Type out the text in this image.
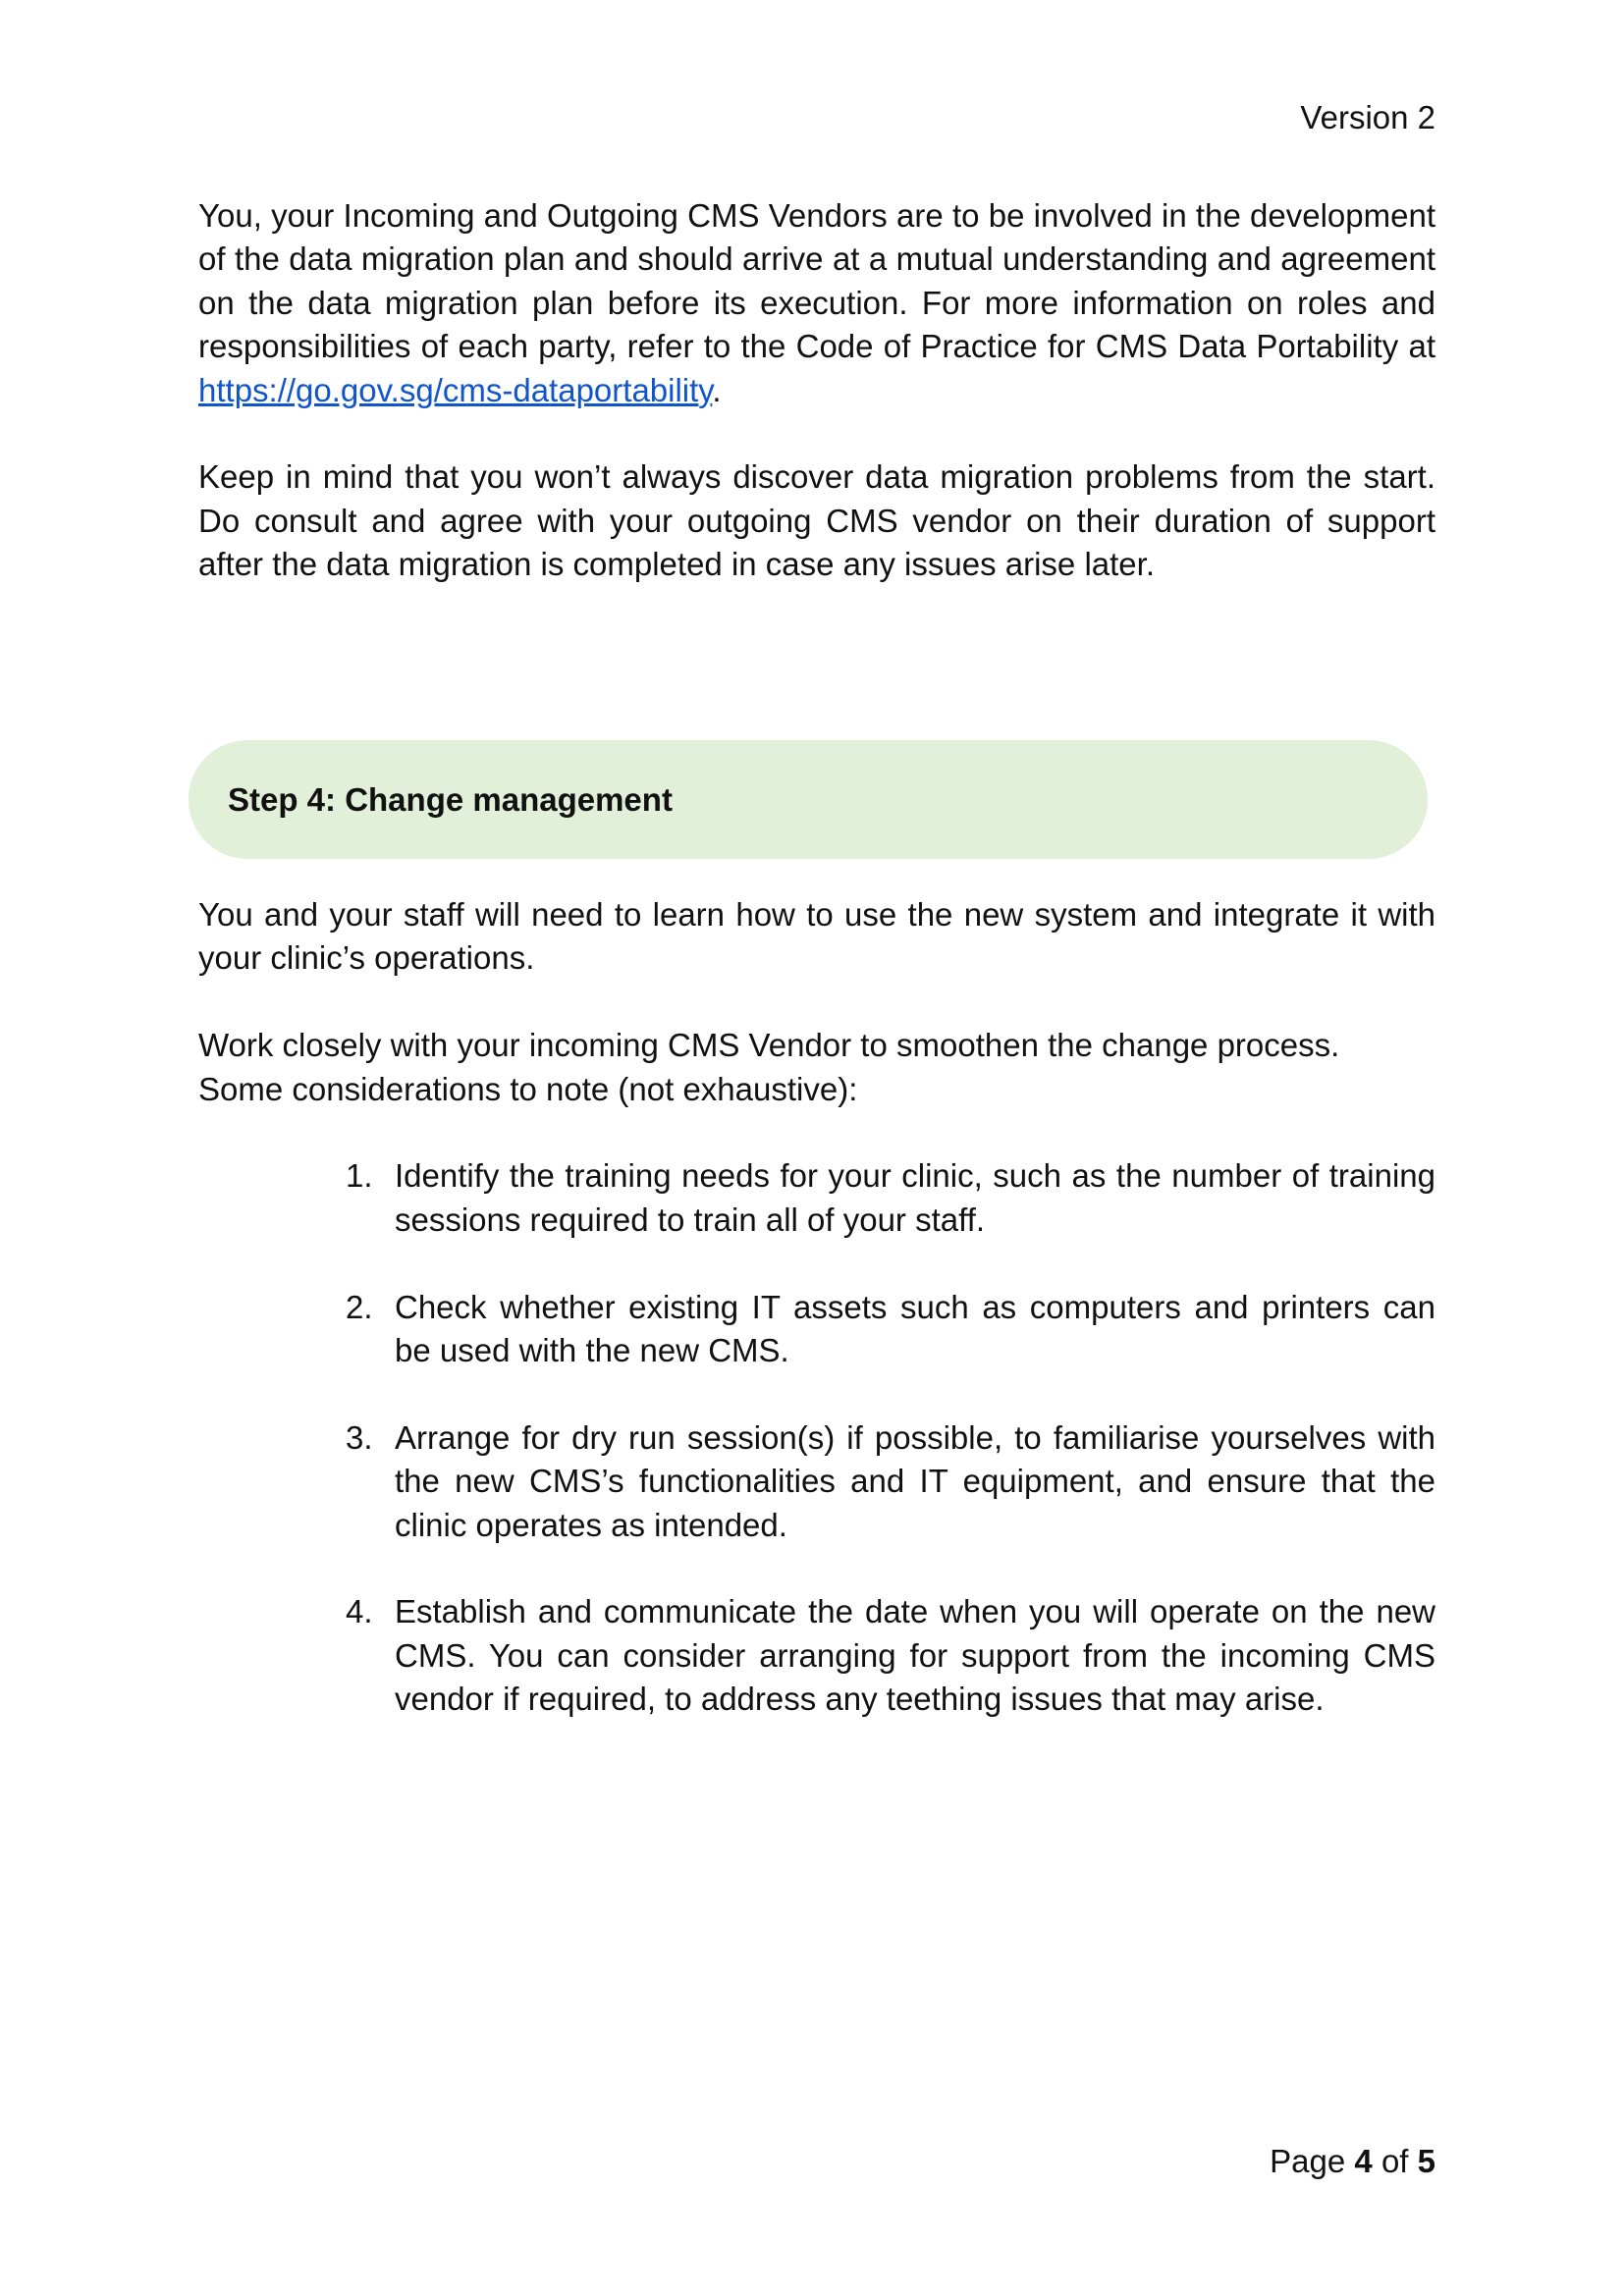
Version 2

You, your Incoming and Outgoing CMS Vendors are to be involved in the development of the data migration plan and should arrive at a mutual understanding and agreement on the data migration plan before its execution. For more information on roles and responsibilities of each party, refer to the Code of Practice for CMS Data Portability at https://go.gov.sg/cms-dataportability.

Keep in mind that you won’t always discover data migration problems from the start. Do consult and agree with your outgoing CMS vendor on their duration of support after the data migration is completed in case any issues arise later.

Step 4: Change management

You and your staff will need to learn how to use the new system and integrate it with your clinic’s operations.

Work closely with your incoming CMS Vendor to smoothen the change process.
Some considerations to note (not exhaustive):

1. Identify the training needs for your clinic, such as the number of training sessions required to train all of your staff.
2. Check whether existing IT assets such as computers and printers can be used with the new CMS.
3. Arrange for dry run session(s) if possible, to familiarise yourselves with the new CMS’s functionalities and IT equipment, and ensure that the clinic operates as intended.
4. Establish and communicate the date when you will operate on the new CMS. You can consider arranging for support from the incoming CMS vendor if required, to address any teething issues that may arise.
Page 4 of 5
